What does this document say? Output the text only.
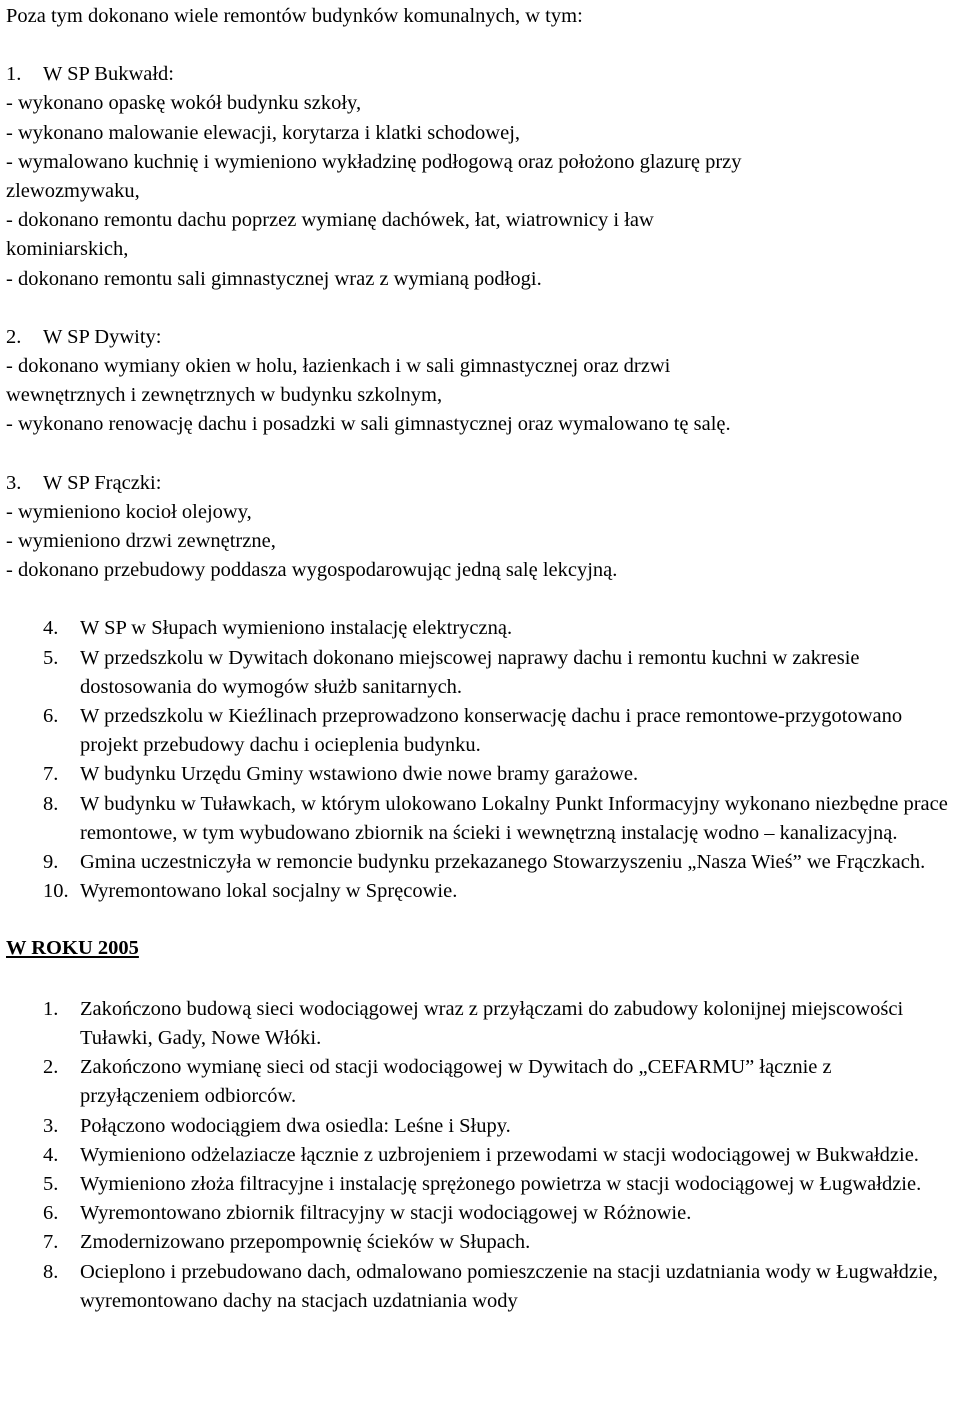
Poza tym dokonano wiele remontów budynków komunalnych, w tym:

1.	W SP Bukwałd:

- wykonano opaskę wokół budynku szkoły,

- wykonano malowanie elewacji, korytarza i klatki schodowej,

- wymalowano kuchnię i wymieniono wykładzinę podłogową oraz położono glazurę przy

zlewozmywaku,

- dokonano remontu dachu poprzez wymianę dachówek, łat, wiatrownicy i ław

kominiarskich,

- dokonano remontu sali gimnastycznej wraz z wymianą podłogi.

2.	W SP Dywity:

- dokonano wymiany okien w holu, łazienkach i w sali gimnastycznej oraz drzwi

wewnętrznych i zewnętrznych w budynku szkolnym,

- wykonano renowację dachu i posadzki w sali gimnastycznej oraz wymalowano tę salę.

3.	W SP Frączki:

- wymieniono kocioł olejowy,

- wymieniono drzwi zewnętrzne,

- dokonano przebudowy poddasza wygospodarowując jedną salę lekcyjną.

4.	W SP w Słupach wymieniono instalację elektryczną.
5.	W przedszkolu w Dywitach dokonano miejscowej naprawy dachu i remontu kuchni w zakresie dostosowania do wymogów służb sanitarnych.
6.	W przedszkolu w Kieźlinach przeprowadzono konserwację dachu i prace remontowe-przygotowano projekt przebudowy dachu i ocieplenia budynku.
7.	W budynku Urzędu Gminy wstawiono dwie nowe bramy garażowe.
8.	W budynku w Tuławkach, w którym ulokowano Lokalny Punkt Informacyjny wykonano niezbędne prace remontowe, w tym wybudowano zbiornik na ścieki i wewnętrzną instalację wodno – kanalizacyjną.
9.	Gmina uczestniczyła w remoncie budynku przekazanego Stowarzyszeniu „Nasza Wieś” we Frączkach.
10. Wyremontowano lokal socjalny w Spręcowie.

W ROKU 2005

1.	Zakończono budową sieci wodociągowej wraz z przyłączami do zabudowy kolonijnej miejscowości Tuławki, Gady, Nowe Włóki.
2.	Zakończono wymianę sieci od stacji wodociągowej w Dywitach do „CEFARMU” łącznie z przyłączeniem odbiorców.
3.	Połączono wodociągiem dwa osiedla: Leśne i Słupy.
4.	Wymieniono odżelaziacze łącznie z uzbrojeniem i przewodami w stacji wodociągowej w Bukwałdzie.
5.	Wymieniono złoża filtracyjne i instalację sprężonego powietrza w stacji wodociągowej w Ługwałdzie.
6.	Wyremontowano zbiornik filtracyjny w stacji wodociągowej w Różnowie.
7.	Zmodernizowano przepompownię ścieków w Słupach.
8.	Ocieplono i przebudowano dach, odmalowano pomieszczenie na stacji uzdatniania wody w Ługwałdzie, wyremontowano dachy na stacjach uzdatniania wody
